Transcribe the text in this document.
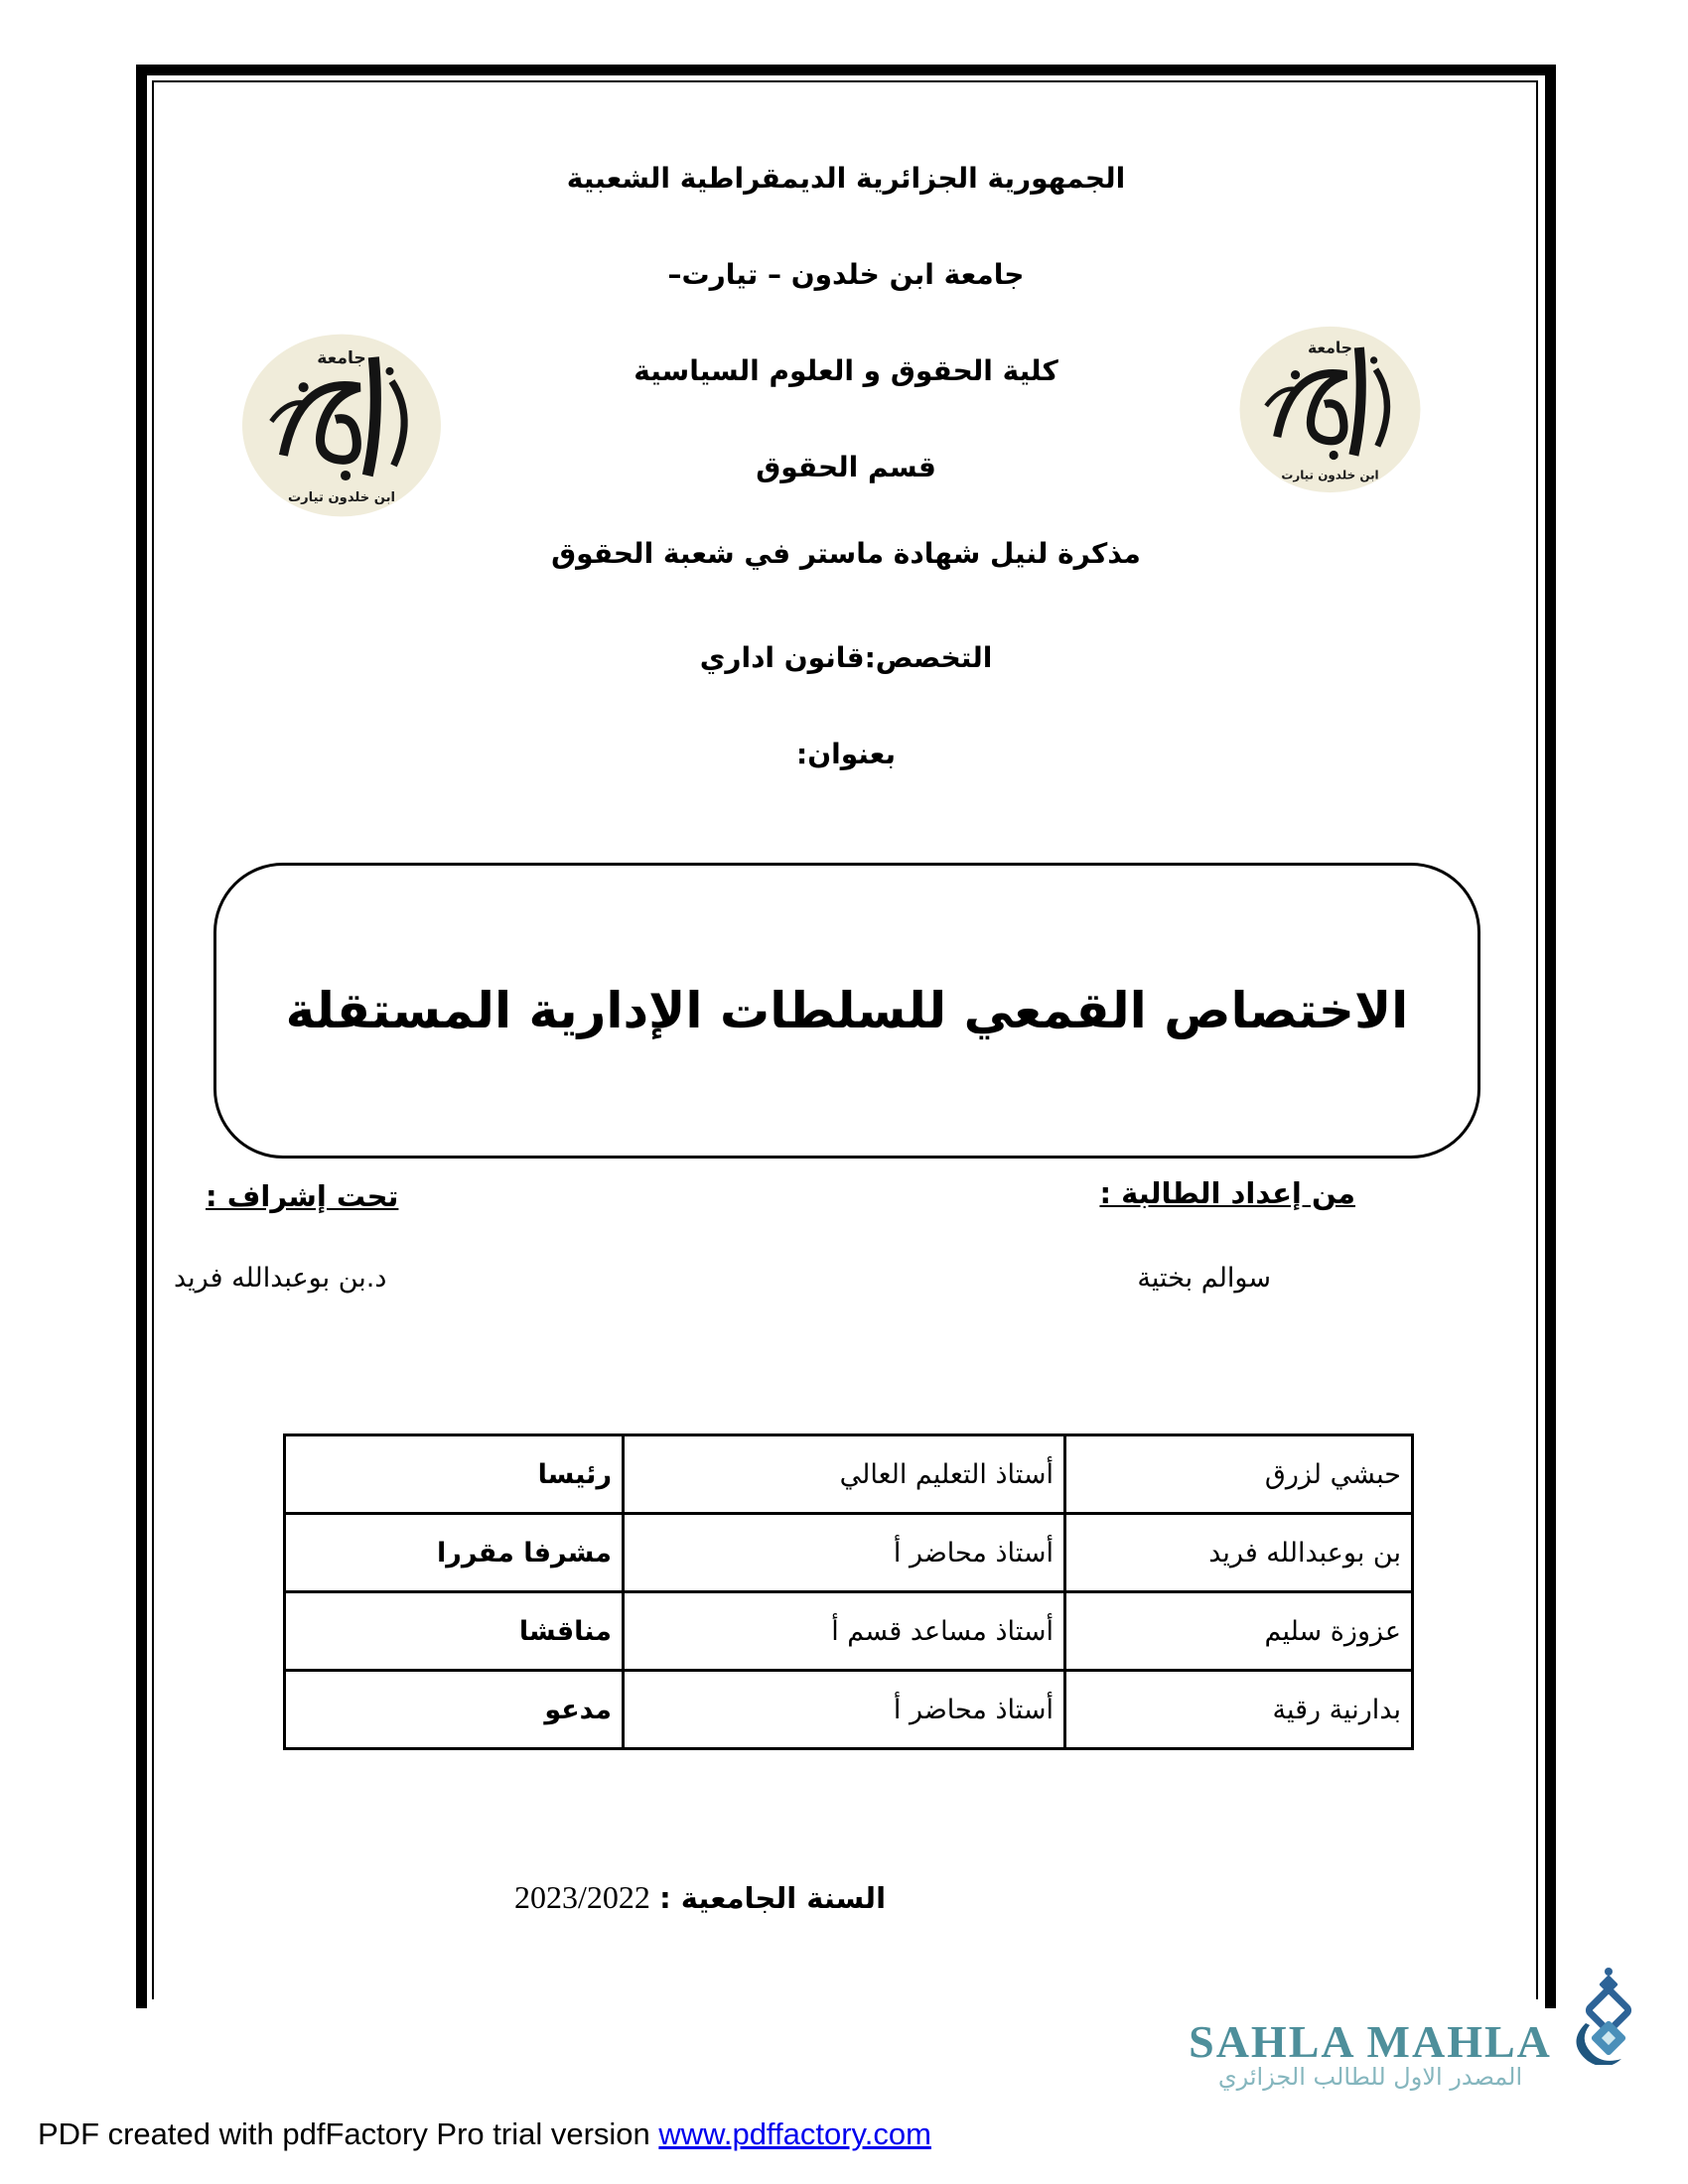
الجمهورية الجزائرية الديمقراطية الشعبية
جامعة ابن خلدون – تيارت–
كلية الحقوق و العلوم السياسية
قسم الحقوق
مذكرة لنيل شهادة ماستر في شعبة الحقوق
التخصص:قانون اداري
بعنوان:
جامعة
ابن خلدون تيارت
جامعة
ابن خلدون تيارت
الاختصاص القمعي للسلطات الإدارية المستقلة
من إعداد الطالبة :
سوالم بختية
تحت إشراف :
د.بن بوعبدالله فريد
حبشي لزرق	أستاذ التعليم العالي	رئيسا
بن بوعبدالله فريد	أستاذ محاضر أ	مشرفا مقررا
عزوزة سليم	أستاذ مساعد قسم أ	مناقشا
بدارنية رقية	أستاذ محاضر أ	مدعو
السنة الجامعية : 2023/2022
SAHLA MAHLA
المصدر الاول للطالب الجزائري
PDF created with pdfFactory Pro trial version www.pdffactory.com
